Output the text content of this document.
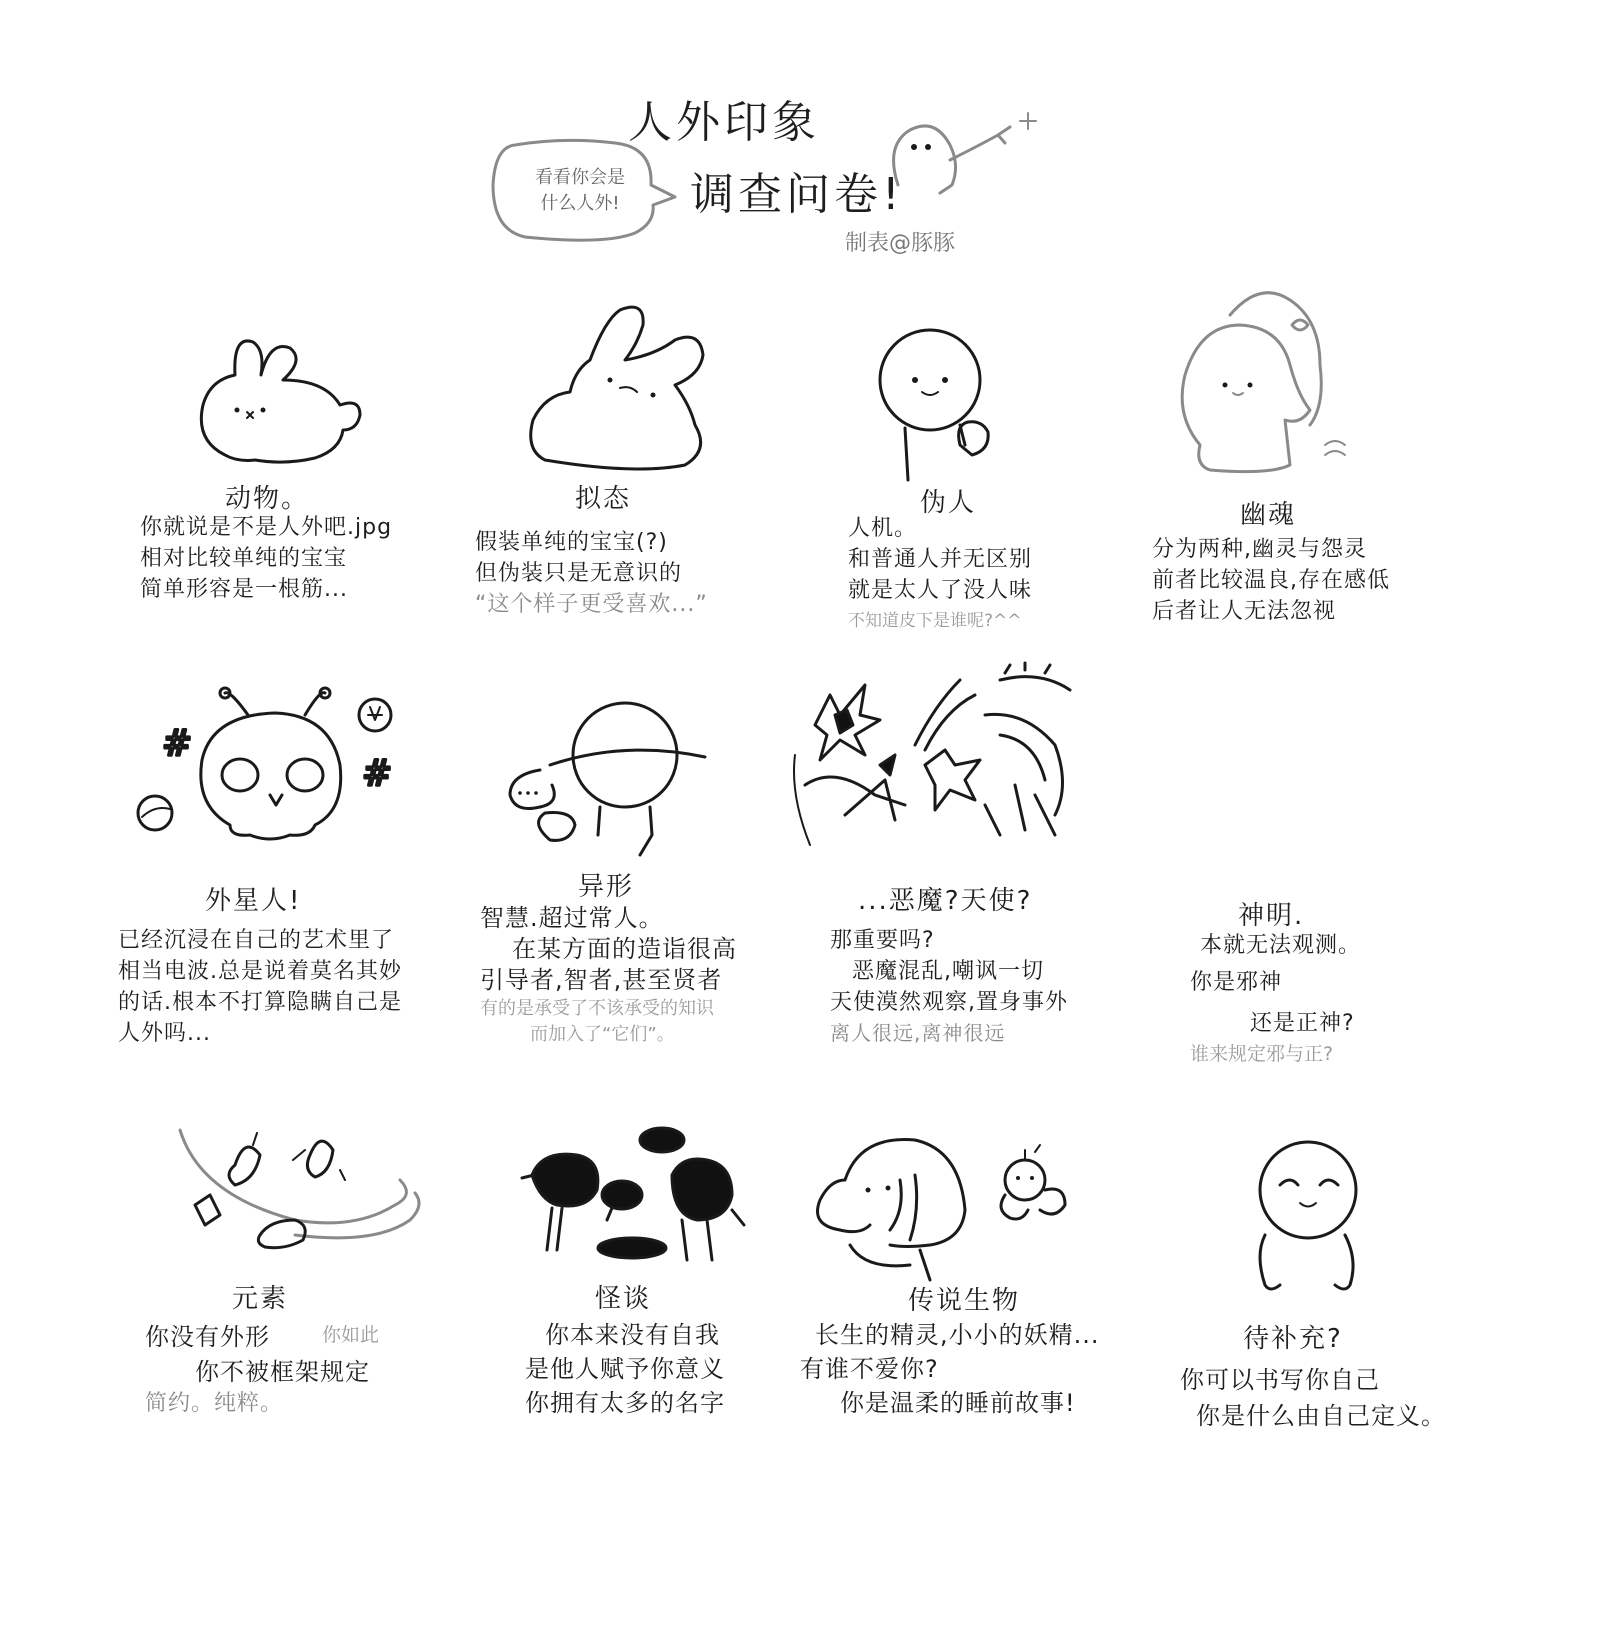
人外印象
调查问卷!
制表@豚豚
看看你会是
什么人外!
动物。
你就说是不是人外吧.jpg
相对比较单纯的宝宝
简单形容是一根筋...
拟态
假装单纯的宝宝(?)
但伪装只是无意识的
“这个样子更受喜欢...”
伪人
人机。
和普通人并无区别
就是太人了没人味
不知道皮下是谁呢?^^
幽魂
分为两种,幽灵与怨灵
前者比较温良,存在感低
后者让人无法忽视
#
#
外星人!
已经沉浸在自己的艺术里了
相当电波.总是说着莫名其妙
的话.根本不打算隐瞒自己是
人外吗...
异形
智慧.超过常人。
在某方面的造诣很高
引导者,智者,甚至贤者
有的是承受了不该承受的知识
而加入了“它们”。
...恶魔?天使?
那重要吗?
恶魔混乱,嘲讽一切
天使漠然观察,置身事外
离人很远,离神很远
神明.
本就无法观测。
你是邪神
还是正神?
谁来规定邪与正?
元素
你如此
你没有外形
你不被框架规定
简约。纯粹。
怪谈
你本来没有自我
是他人赋予你意义
你拥有太多的名字
传说生物
长生的精灵,小小的妖精...
有谁不爱你?
你是温柔的睡前故事!
待补充?
你可以书写你自己
你是什么由自己定义。
